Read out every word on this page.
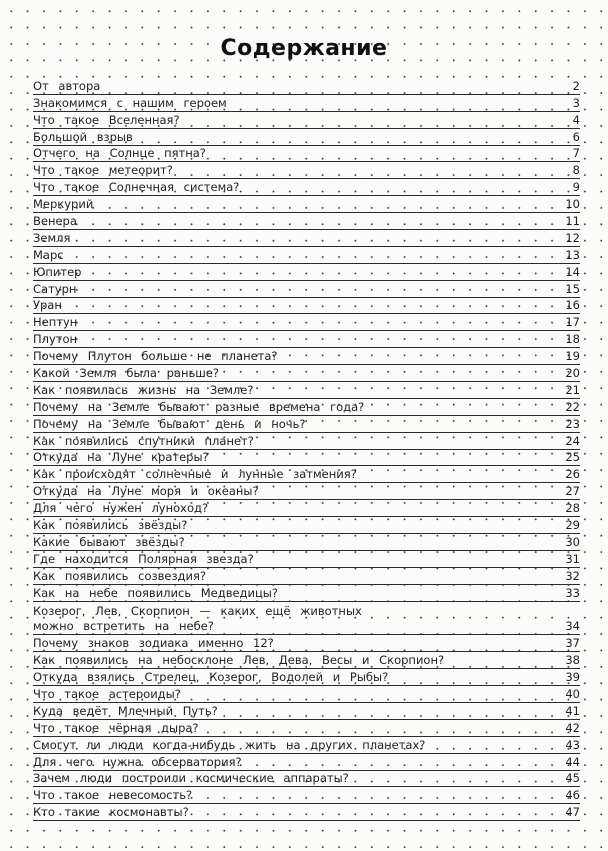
Содержание
От автора	2
Знакомимся с нашим героем	3
Что такое Вселенная?	4
Большой взрыв	6
Отчего на Солнце пятна?	7
Что такое метеорит?	8
Что такое Солнечная система?	9
Меркурий	10
Венера	11
Земля	12
Марс	13
Юпитер	14
Сатурн	15
Уран	16
Нептун	17
Плутон	18
Почему Плутон больше не планета?	19
Какой Земля была раньше?	20
Как появилась жизнь на Земле?	21
Почему на Земле бывают разные времена года?	22
Почему на Земле бывают день и ночь?	23
Как появились спутники планет?	24
Откуда на Луне кратеры?	25
Как происходят солнечные и лунные затмения?	26
Откуда на Луне моря и океаны?	27
Для чего нужен луноход?	28
Как появились звёзды?	29
Какие бывают звёзды?	30
Где находится Полярная звезда?	31
Как появились созвездия?	32
Как на небе появились Медведицы?	33
Козерог, Лев, Скорпион — каких ещё животных
можно встретить на небе?	34
Почему знаков зодиака именно 12?	37
Как появились на небосклоне Лев, Дева, Весы и Скорпион?	38
Откуда взялись Стрелец, Козерог, Водолей и Рыбы?	39
Что такое астероиды?	40
Куда ведёт Млечный Путь?	41
Что такое чёрная дыра?	42
Смогут ли люди когда-нибудь жить на других планетах?	43
Для чего нужна обсерватория?	44
Зачем люди построили космические аппараты?	45
Что такое невесомость?	46
Кто такие космонавты?	47
